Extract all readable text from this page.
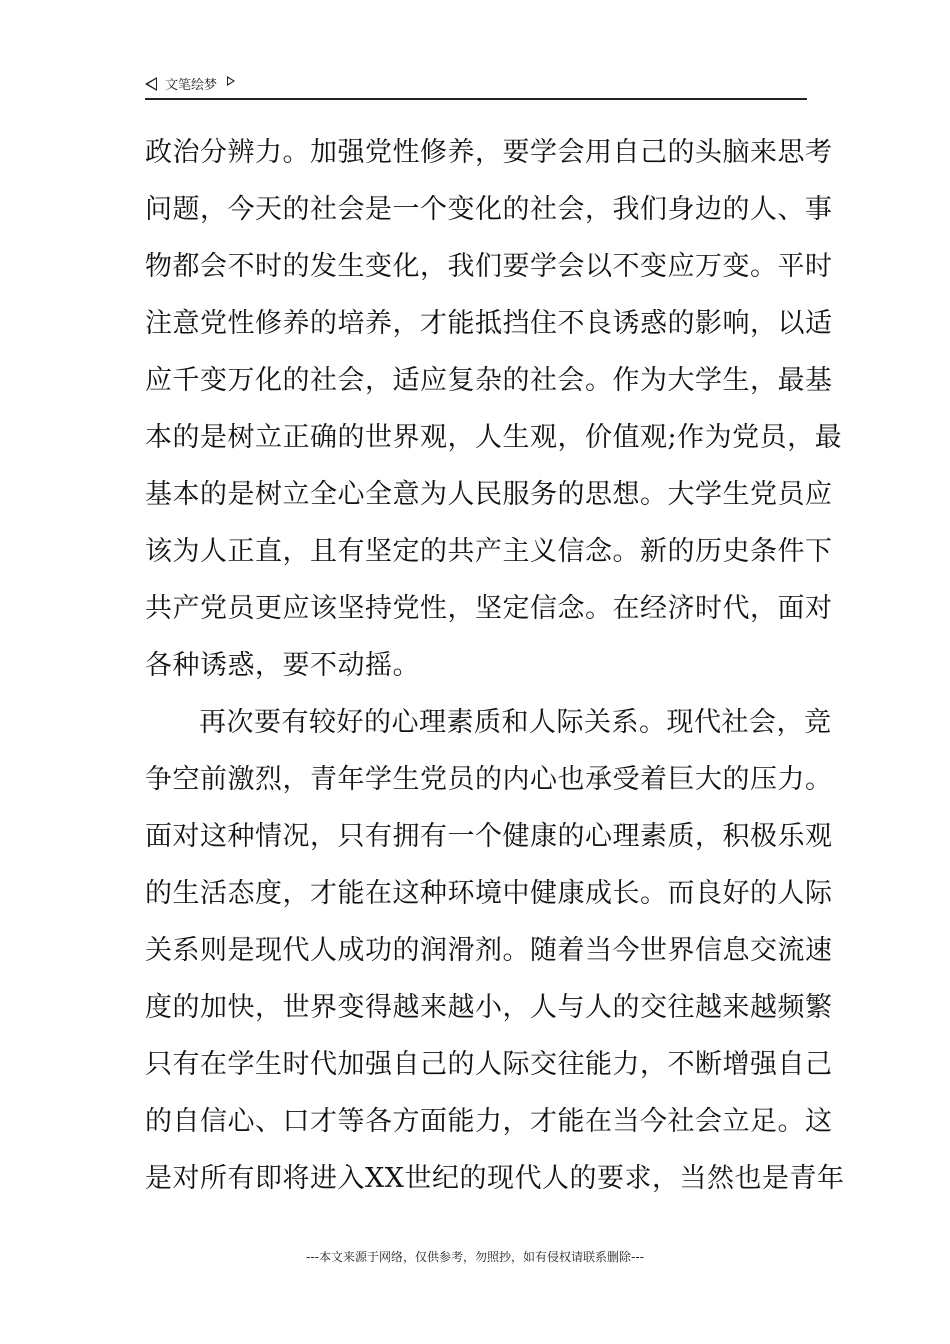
文笔绘梦
政治分辨力。加强党性修养，要学会用自己的头脑来思考
问题，今天的社会是一个变化的社会，我们身边的人、事
物都会不时的发生变化，我们要学会以不变应万变。平时
注意党性修养的培养，才能抵挡住不良诱惑的影响，以适
应千变万化的社会，适应复杂的社会。作为大学生，最基
本的是树立正确的世界观，人生观，价值观;作为党员，最
基本的是树立全心全意为人民服务的思想。大学生党员应
该为人正直，且有坚定的共产主义信念。新的历史条件下
共产党员更应该坚持党性，坚定信念。在经济时代，面对
各种诱惑，要不动摇。
再次要有较好的心理素质和人际关系。现代社会，竞
争空前激烈，青年学生党员的内心也承受着巨大的压力。
面对这种情况，只有拥有一个健康的心理素质，积极乐观
的生活态度，才能在这种环境中健康成长。而良好的人际
关系则是现代人成功的润滑剂。随着当今世界信息交流速
度的加快，世界变得越来越小，人与人的交往越来越频繁
只有在学生时代加强自己的人际交往能力，不断增强自己
的自信心、口才等各方面能力，才能在当今社会立足。这
是对所有即将进入XX世纪的现代人的要求，当然也是青年
---本文来源于网络，仅供参考，勿照抄，如有侵权请联系删除---
